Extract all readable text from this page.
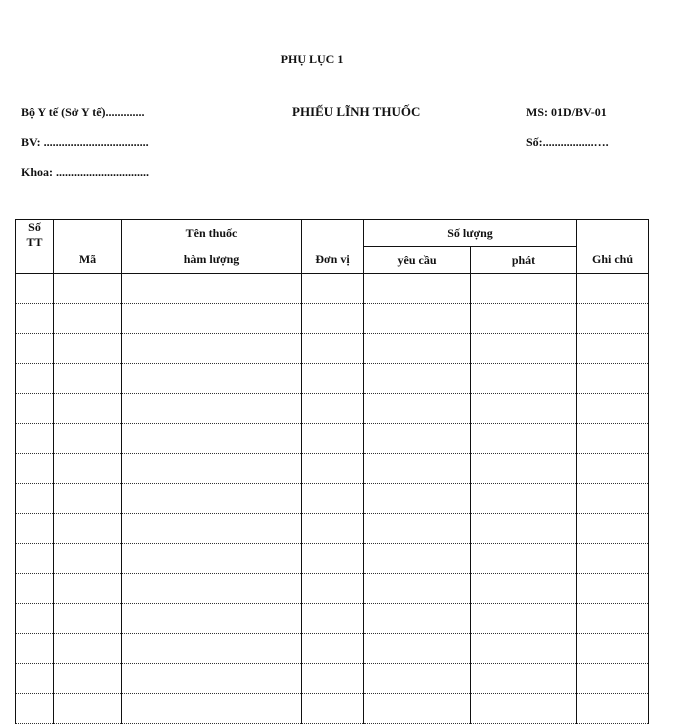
PHỤ LỤC 1
Bộ Y tế (Sở Y tế).............
BV: ...................................
Khoa: ...............................
PHIẾU LĨNH THUỐC	MS: 01D/BV-01
Số:.................….
Số
TT	Mã	Tên thuốc	Đơn vị	Số lượng		Ghi chú
		hàm lượng		yêu cầu	phát	
